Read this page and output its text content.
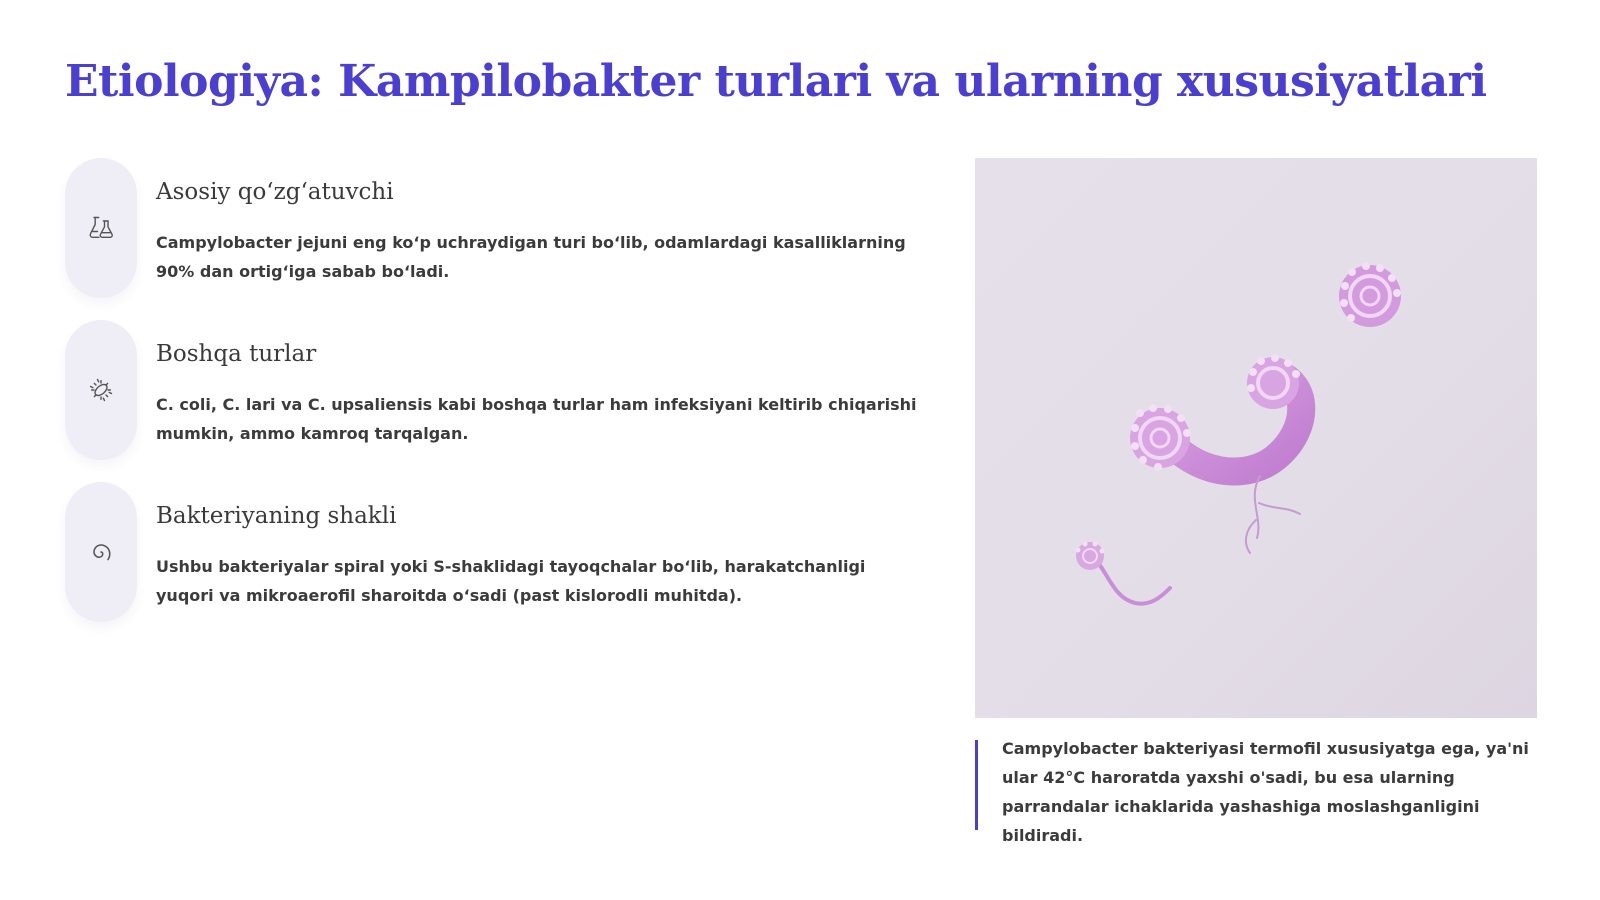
Etiologiya: Kampilobakter turlari va ularning xususiyatlari
Asosiy qo‘zg‘atuvchi
Campylobacter jejuni eng ko‘p uchraydigan turi bo‘lib, odamlardagi kasalliklarning 90% dan ortig‘iga sabab bo‘ladi.
Boshqa turlar
C. coli, C. lari va C. upsaliensis kabi boshqa turlar ham infeksiyani keltirib chiqarishi mumkin, ammo kamroq tarqalgan.
Bakteriyaning shakli
Ushbu bakteriyalar spiral yoki S-shaklidagi tayoqchalar bo‘lib, harakatchanligi yuqori va mikroaerofil sharoitda o‘sadi (past kislorodli muhitda).

Campylobacter bakteriyasi termofil xususiyatga ega, ya'ni ular 42°C haroratda yaxshi o'sadi, bu esa ularning parrandalar ichaklarida yashashiga moslashganligini bildiradi.
